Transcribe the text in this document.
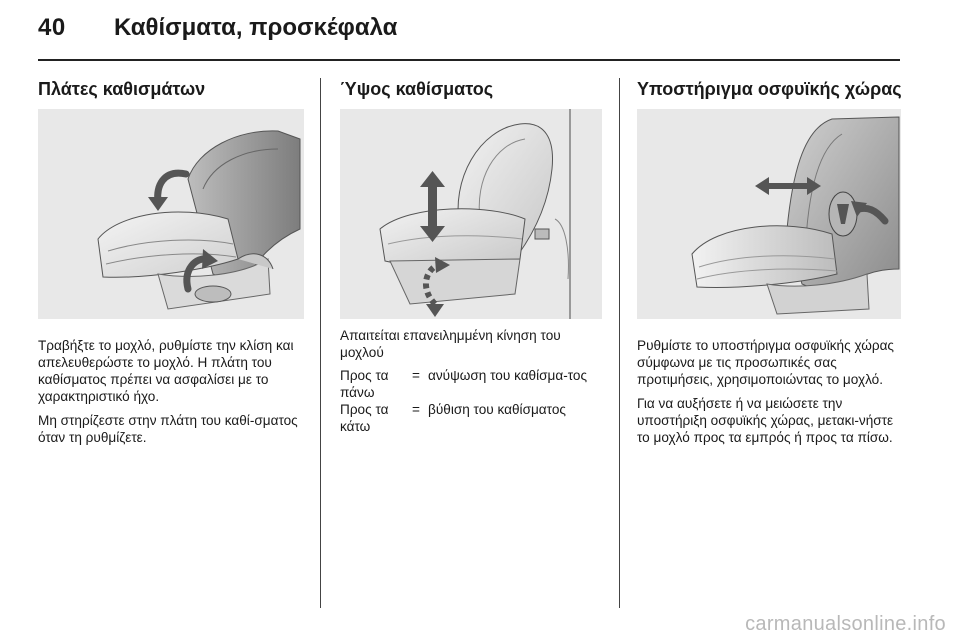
40 Καθίσματα, προσκέφαλα
Πλάτες καθισμάτων

Τραβήξτε το μοχλό, ρυθμίστε την κλίση και απελευθερώστε το μοχλό. Η πλάτη του καθίσματος πρέπει να ασφαλίσει με το χαρακτηριστικό ήχο.

Μη στηρίζεστε στην πλάτη του καθί-σματος όταν τη ρυθμίζετε.

Ύψος καθίσματος

Απαιτείται επανειλημμένη κίνηση του μοχλού

Προς τα πάνω
= ανύψωση του καθίσμα-τος
Προς τα κάτω
= βύθιση του καθίσματος
Υποστήριγμα οσφυϊκής χώρας

Ρυθμίστε το υποστήριγμα οσφυϊκής χώρας σύμφωνα με τις προσωπικές σας προτιμήσεις, χρησιμοποιώντας το μοχλό.

Για να αυξήσετε ή να μειώσετε την υποστήριξη οσφυϊκής χώρας, μετακι-νήστε το μοχλό προς τα εμπρός ή προς τα πίσω.

carmanualsonline.info
